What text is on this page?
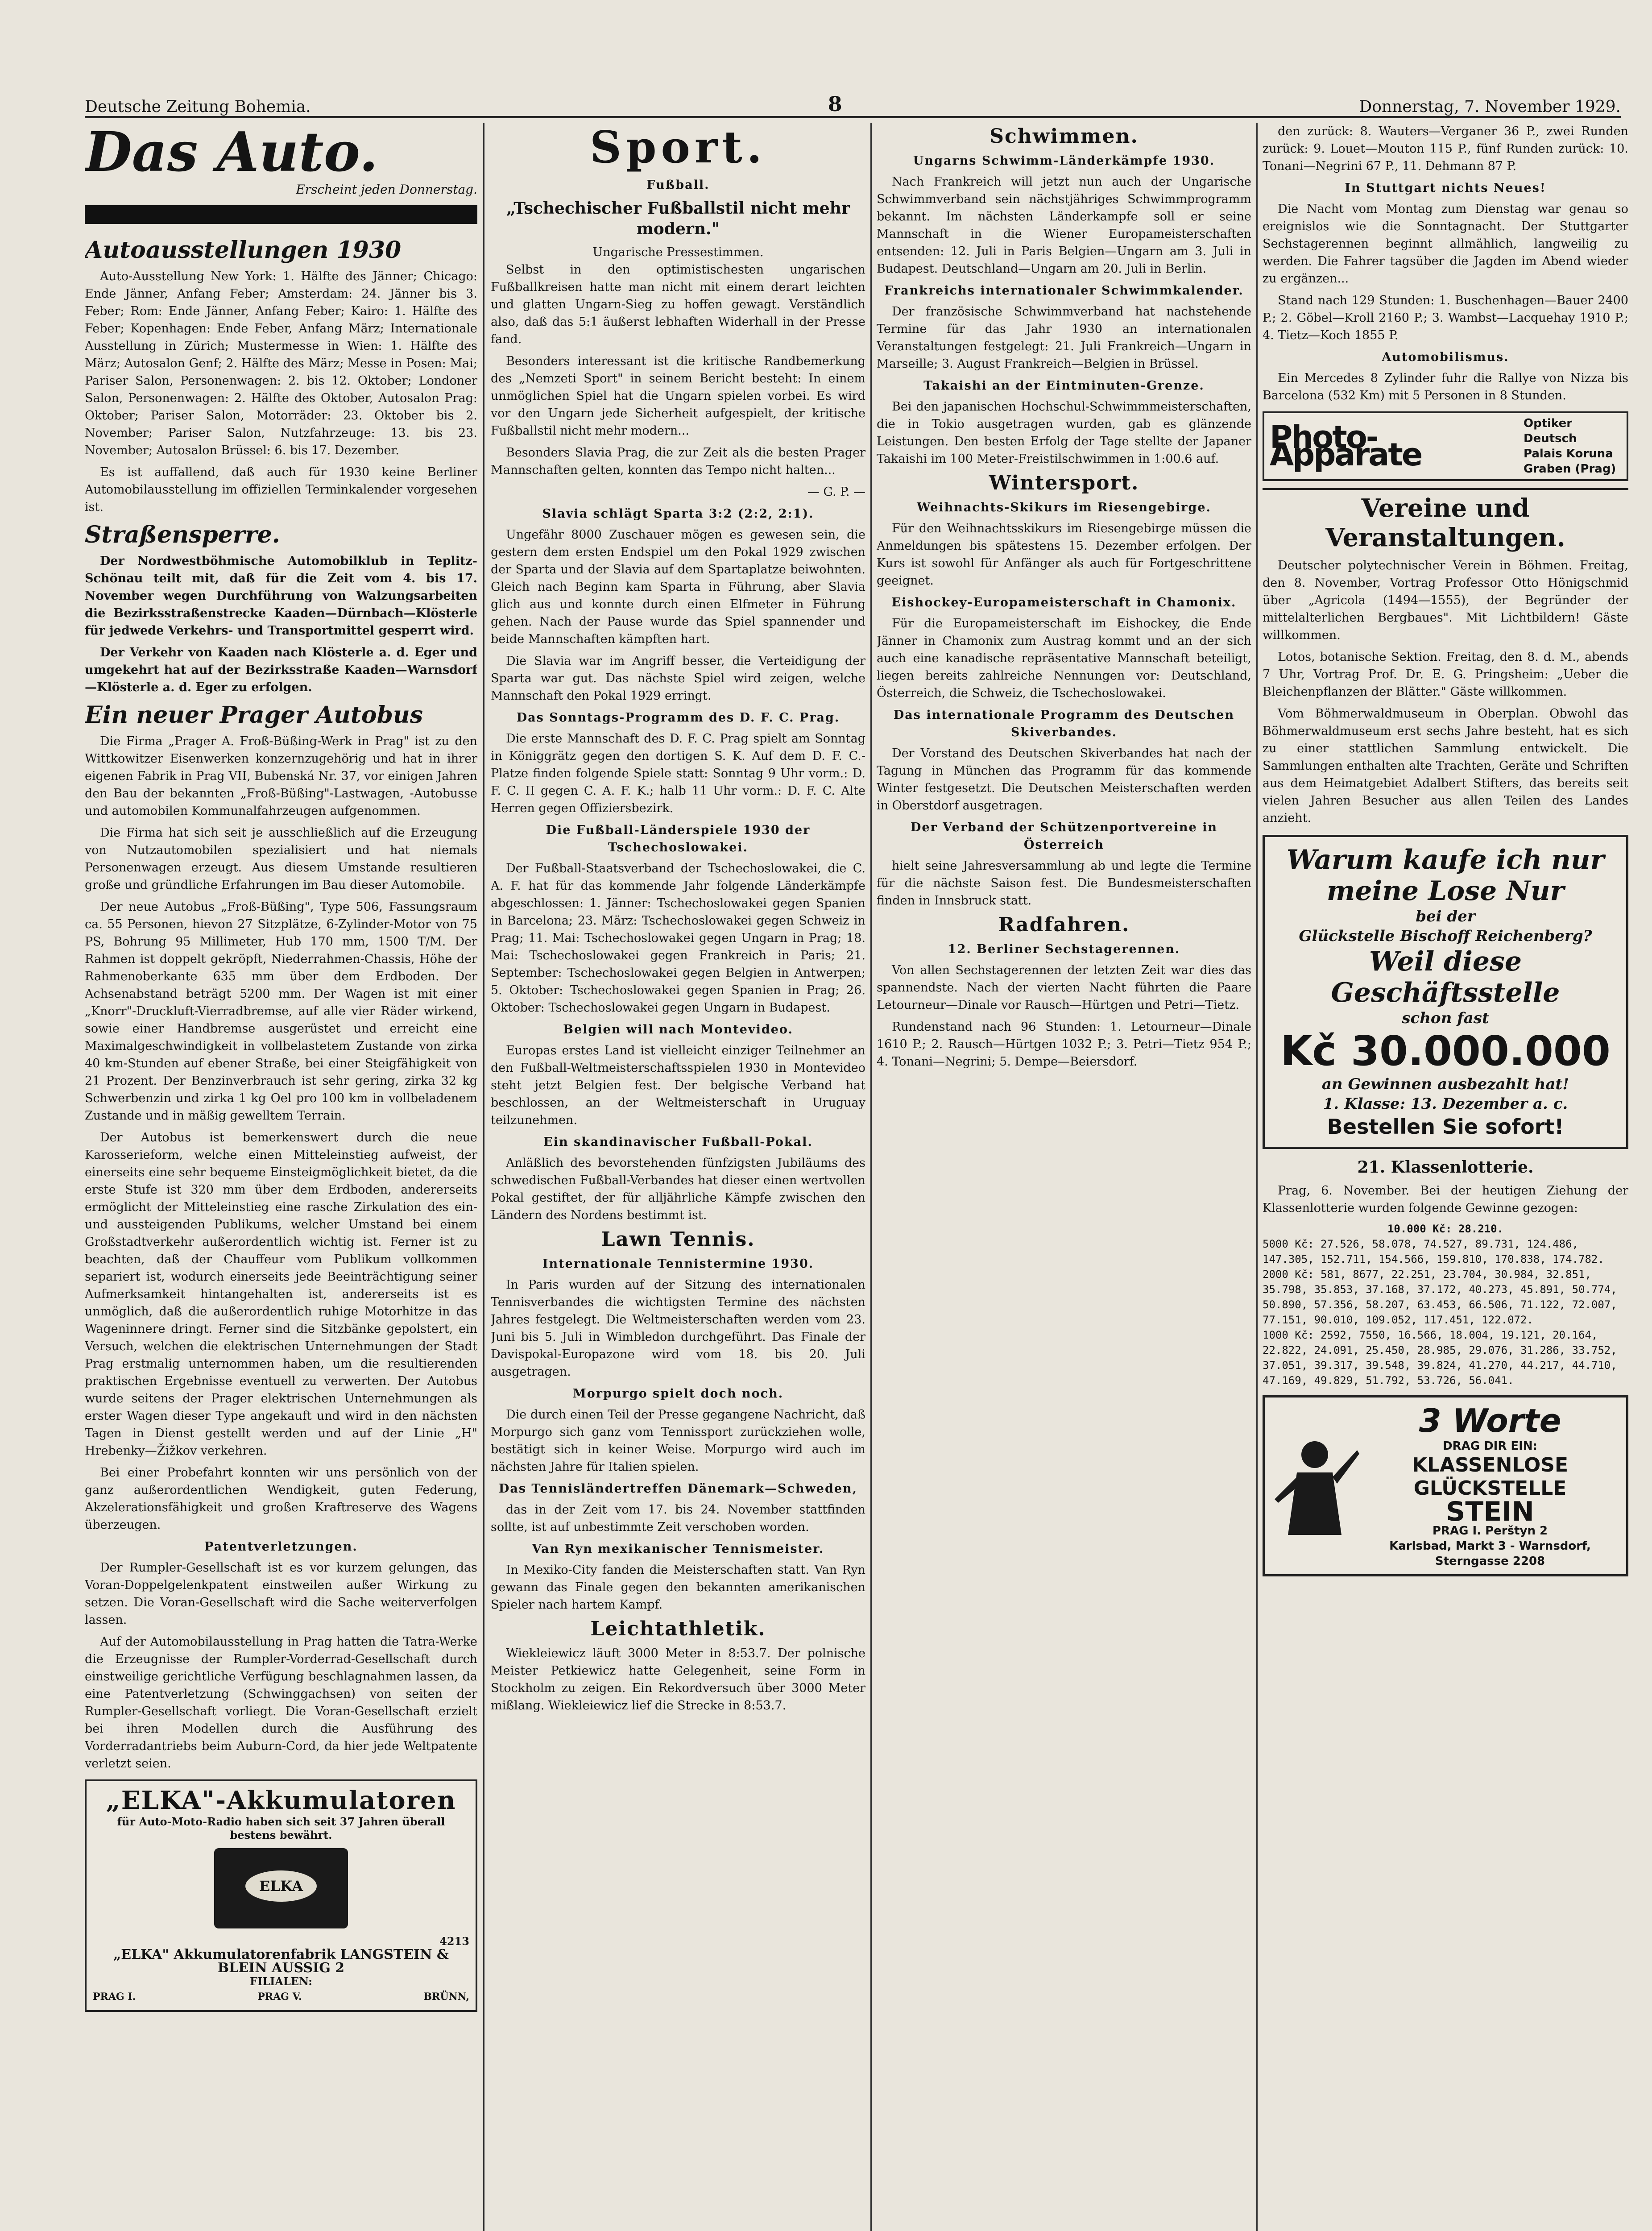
Deutsche Zeitung Bohemia.	8	Donnerstag, 7. November 1929.
Das Auto.
Erscheint jeden Donnerstag.
Autoausstellungen 1930

Auto-Ausstellung New York: 1. Hälfte des Jänner; Chicago: Ende Jänner, Anfang Feber; Amsterdam: 24. Jänner bis 3. Feber; Rom: Ende Jänner, Anfang Feber; Kairo: 1. Hälfte des Feber; Kopenhagen: Ende Feber, Anfang März; Internationale Ausstellung in Zürich; Mustermesse in Wien: 1. Hälfte des März; Autosalon Genf; 2. Hälfte des März; Messe in Posen: Mai; Pariser Salon, Personenwagen: 2. bis 12. Oktober; Londoner Salon, Personenwagen: 2. Hälfte des Oktober, Autosalon Prag: Oktober; Pariser Salon, Motorräder: 23. Oktober bis 2. November; Pariser Salon, Nutzfahrzeuge: 13. bis 23. November; Autosalon Brüssel: 6. bis 17. Dezember.

Es ist auffallend, daß auch für 1930 keine Berliner Automobilausstellung im offiziellen Terminkalender vorgesehen ist.

Straßensperre.

Der Nordwestböhmische Automobilklub in Teplitz-Schönau teilt mit, daß für die Zeit vom 4. bis 17. November wegen Durchführung von Walzungsarbeiten die Bezirksstraßenstrecke Kaaden—Dürnbach—Klösterle für jedwede Verkehrs- und Transportmittel gesperrt wird.

Der Verkehr von Kaaden nach Klösterle a. d. Eger und umgekehrt hat auf der Bezirksstraße Kaaden—Warnsdorf—Klösterle a. d. Eger zu erfolgen.

Ein neuer Prager Autobus

Die Firma „Prager A. Froß-Büßing-Werk in Prag" ist zu den Wittkowitzer Eisenwerken konzernzugehörig und hat in ihrer eigenen Fabrik in Prag VII, Bubenská Nr. 37, vor einigen Jahren den Bau der bekannten „Froß-Büßing"-Lastwagen, -Autobusse und automobilen Kommunalfahrzeugen aufgenommen.

Die Firma hat sich seit je ausschließlich auf die Erzeugung von Nutzautomobilen spezialisiert und hat niemals Personenwagen erzeugt. Aus diesem Umstande resultieren große und gründliche Erfahrungen im Bau dieser Automobile.

Der neue Autobus „Froß-Büßing", Type 506, Fassungsraum ca. 55 Personen, hievon 27 Sitzplätze, 6-Zylinder-Motor von 75 PS, Bohrung 95 Millimeter, Hub 170 mm, 1500 T/M. Der Rahmen ist doppelt gekröpft, Niederrahmen-Chassis, Höhe der Rahmenoberkante 635 mm über dem Erdboden. Der Achsenabstand beträgt 5200 mm. Der Wagen ist mit einer „Knorr"-Druckluft-Vierradbremse, auf alle vier Räder wirkend, sowie einer Handbremse ausgerüstet und erreicht eine Maximalgeschwindigkeit in vollbelastetem Zustande von zirka 40 km-Stunden auf ebener Straße, bei einer Steigfähigkeit von 21 Prozent. Der Benzinverbrauch ist sehr gering, zirka 32 kg Schwerbenzin und zirka 1 kg Oel pro 100 km in vollbeladenem Zustande und in mäßig gewelltem Terrain.

Der Autobus ist bemerkenswert durch die neue Karosserieform, welche einen Mitteleinstieg aufweist, der einerseits eine sehr bequeme Einsteigmöglichkeit bietet, da die erste Stufe ist 320 mm über dem Erdboden, andererseits ermöglicht der Mitteleinstieg eine rasche Zirkulation des ein- und aussteigenden Publikums, welcher Umstand bei einem Großstadtverkehr außerordentlich wichtig ist. Ferner ist zu beachten, daß der Chauffeur vom Publikum vollkommen separiert ist, wodurch einerseits jede Beeinträchtigung seiner Aufmerksamkeit hintangehalten ist, andererseits ist es unmöglich, daß die außerordentlich ruhige Motorhitze in das Wageninnere dringt. Ferner sind die Sitzbänke gepolstert, ein Versuch, welchen die elektrischen Unternehmungen der Stadt Prag erstmalig unternommen haben, um die resultierenden praktischen Ergebnisse eventuell zu verwerten. Der Autobus wurde seitens der Prager elektrischen Unternehmungen als erster Wagen dieser Type angekauft und wird in den nächsten Tagen in Dienst gestellt werden und auf der Linie „H" Hrebenky—Žižkov verkehren.

Bei einer Probefahrt konnten wir uns persönlich von der ganz außerordentlichen Wendigkeit, guten Federung, Akzelerationsfähigkeit und großen Kraftreserve des Wagens überzeugen.

Patentverletzungen.

Der Rumpler-Gesellschaft ist es vor kurzem gelungen, das Voran-Doppelgelenkpatent einstweilen außer Wirkung zu setzen. Die Voran-Gesellschaft wird die Sache weiterverfolgen lassen.

Auf der Automobilausstellung in Prag hatten die Tatra-Werke die Erzeugnisse der Rumpler-Vorderrad-Gesellschaft durch einstweilige gerichtliche Verfügung beschlagnahmen lassen, da eine Patentverletzung (Schwinggachsen) von seiten der Rumpler-Gesellschaft vorliegt. Die Voran-Gesellschaft erzielt bei ihren Modellen durch die Ausführung des Vorderradantriebs beim Auburn-Cord, da hier jede Weltpatente verletzt seien.

„ELKA"-Akkumulatoren
für Auto-Moto-Radio haben sich seit 37 Jahren überall bestens bewährt.
ELKA
4213
„ELKA" Akkumulatorenfabrik LANGSTEIN & BLEIN AUSSIG 2
FILIALEN:
PRAG I.	PRAG V.	BRÜNN,
Sport.
Fußball.
„Tschechischer Fußballstil nicht mehr modern."
Ungarische Pressestimmen.

Selbst in den optimistischesten ungarischen Fußballkreisen hatte man nicht mit einem derart leichten und glatten Ungarn-Sieg zu hoffen gewagt. Verständlich also, daß das 5:1 äußerst lebhaften Widerhall in der Presse fand.

Besonders interessant ist die kritische Randbemerkung des „Nemzeti Sport" in seinem Bericht besteht: In einem unmöglichen Spiel hat die Ungarn spielen vorbei. Es wird vor den Ungarn jede Sicherheit aufgespielt, der kritische Fußballstil nicht mehr modern...

Besonders Slavia Prag, die zur Zeit als die besten Prager Mannschaften gelten, konnten das Tempo nicht halten...

— G. P. —
Slavia schlägt Sparta 3:2 (2:2, 2:1).

Ungefähr 8000 Zuschauer mögen es gewesen sein, die gestern dem ersten Endspiel um den Pokal 1929 zwischen der Sparta und der Slavia auf dem Spartaplatze beiwohnten. Gleich nach Beginn kam Sparta in Führung, aber Slavia glich aus und konnte durch einen Elfmeter in Führung gehen. Nach der Pause wurde das Spiel spannender und beide Mannschaften kämpften hart.

Die Slavia war im Angriff besser, die Verteidigung der Sparta war gut. Das nächste Spiel wird zeigen, welche Mannschaft den Pokal 1929 erringt.

Das Sonntags-Programm des D. F. C. Prag.

Die erste Mannschaft des D. F. C. Prag spielt am Sonntag in Königgrätz gegen den dortigen S. K. Auf dem D. F. C.-Platze finden folgende Spiele statt: Sonntag 9 Uhr vorm.: D. F. C. II gegen C. A. F. K.; halb 11 Uhr vorm.: D. F. C. Alte Herren gegen Offiziersbezirk.

Die Fußball-Länderspiele 1930 der Tschechoslowakei.

Der Fußball-Staatsverband der Tschechoslowakei, die C. A. F. hat für das kommende Jahr folgende Länderkämpfe abgeschlossen: 1. Jänner: Tschechoslowakei gegen Spanien in Barcelona; 23. März: Tschechoslowakei gegen Schweiz in Prag; 11. Mai: Tschechoslowakei gegen Ungarn in Prag; 18. Mai: Tschechoslowakei gegen Frankreich in Paris; 21. September: Tschechoslowakei gegen Belgien in Antwerpen; 5. Oktober: Tschechoslowakei gegen Spanien in Prag; 26. Oktober: Tschechoslowakei gegen Ungarn in Budapest.

Belgien will nach Montevideo.

Europas erstes Land ist vielleicht einziger Teilnehmer an den Fußball-Weltmeisterschaftsspielen 1930 in Montevideo steht jetzt Belgien fest. Der belgische Verband hat beschlossen, an der Weltmeisterschaft in Uruguay teilzunehmen.

Ein skandinavischer Fußball-Pokal.

Anläßlich des bevorstehenden fünfzigsten Jubiläums des schwedischen Fußball-Verbandes hat dieser einen wertvollen Pokal gestiftet, der für alljährliche Kämpfe zwischen den Ländern des Nordens bestimmt ist.

Lawn Tennis.
Internationale Tennistermine 1930.

In Paris wurden auf der Sitzung des internationalen Tennisverbandes die wichtigsten Termine des nächsten Jahres festgelegt. Die Weltmeisterschaften werden vom 23. Juni bis 5. Juli in Wimbledon durchgeführt. Das Finale der Davispokal-Europazone wird vom 18. bis 20. Juli ausgetragen.

Morpurgo spielt doch noch.

Die durch einen Teil der Presse gegangene Nachricht, daß Morpurgo sich ganz vom Tennissport zurückziehen wolle, bestätigt sich in keiner Weise. Morpurgo wird auch im nächsten Jahre für Italien spielen.

Das Tennisländertreffen Dänemark—Schweden,

das in der Zeit vom 17. bis 24. November stattfinden sollte, ist auf unbestimmte Zeit verschoben worden.

Van Ryn mexikanischer Tennismeister.

In Mexiko-City fanden die Meisterschaften statt. Van Ryn gewann das Finale gegen den bekannten amerikanischen Spieler nach hartem Kampf.

Leichtathletik.

Wiekleiewicz läuft 3000 Meter in 8:53.7. Der polnische Meister Petkiewicz hatte Gelegenheit, seine Form in Stockholm zu zeigen. Ein Rekordversuch über 3000 Meter mißlang. Wiekleiewicz lief die Strecke in 8:53.7.

Schwimmen.
Ungarns Schwimm-Länderkämpfe 1930.

Nach Frankreich will jetzt nun auch der Ungarische Schwimmverband sein nächstjähriges Schwimmprogramm bekannt. Im nächsten Länderkampfe soll er seine Mannschaft in die Wiener Europameisterschaften entsenden: 12. Juli in Paris Belgien—Ungarn am 3. Juli in Budapest. Deutschland—Ungarn am 20. Juli in Berlin.

Frankreichs internationaler Schwimmkalender.

Der französische Schwimmverband hat nachstehende Termine für das Jahr 1930 an internationalen Veranstaltungen festgelegt: 21. Juli Frankreich—Ungarn in Marseille; 3. August Frankreich—Belgien in Brüssel.

Takaishi an der Eintminuten-Grenze.

Bei den japanischen Hochschul-Schwimmmeisterschaften, die in Tokio ausgetragen wurden, gab es glänzende Leistungen. Den besten Erfolg der Tage stellte der Japaner Takaishi im 100 Meter-Freistilschwimmen in 1:00.6 auf.

Wintersport.
Weihnachts-Skikurs im Riesengebirge.

Für den Weihnachtsskikurs im Riesengebirge müssen die Anmeldungen bis spätestens 15. Dezember erfolgen. Der Kurs ist sowohl für Anfänger als auch für Fortgeschrittene geeignet.

Eishockey-Europameisterschaft in Chamonix.

Für die Europameisterschaft im Eishockey, die Ende Jänner in Chamonix zum Austrag kommt und an der sich auch eine kanadische repräsentative Mannschaft beteiligt, liegen bereits zahlreiche Nennungen vor: Deutschland, Österreich, die Schweiz, die Tschechoslowakei.

Das internationale Programm des Deutschen Skiverbandes.

Der Vorstand des Deutschen Skiverbandes hat nach der Tagung in München das Programm für das kommende Winter festgesetzt. Die Deutschen Meisterschaften werden in Oberstdorf ausgetragen.

Der Verband der Schützenportvereine in Österreich

hielt seine Jahresversammlung ab und legte die Termine für die nächste Saison fest. Die Bundesmeisterschaften finden in Innsbruck statt.

Radfahren.
12. Berliner Sechstagerennen.

Von allen Sechstagerennen der letzten Zeit war dies das spannendste. Nach der vierten Nacht führten die Paare Letourneur—Dinale vor Rausch—Hürtgen und Petri—Tietz.

Rundenstand nach 96 Stunden: 1. Letourneur—Dinale 1610 P.; 2. Rausch—Hürtgen 1032 P.; 3. Petri—Tietz 954 P.; 4. Tonani—Negrini; 5. Dempe—Beiersdorf.

den zurück: 8. Wauters—Verganer 36 P., zwei Runden zurück: 9. Louet—Mouton 115 P., fünf Runden zurück: 10. Tonani—Negrini 67 P., 11. Dehmann 87 P.

In Stuttgart nichts Neues!

Die Nacht vom Montag zum Dienstag war genau so ereignislos wie die Sonntagnacht. Der Stuttgarter Sechstagerennen beginnt allmählich, langweilig zu werden. Die Fahrer tagsüber die Jagden im Abend wieder zu ergänzen...

Stand nach 129 Stunden: 1. Buschenhagen—Bauer 2400 P.; 2. Göbel—Kroll 2160 P.; 3. Wambst—Lacquehay 1910 P.; 4. Tietz—Koch 1855 P.

Automobilismus.

Ein Mercedes 8 Zylinder fuhr die Rallye von Nizza bis Barcelona (532 Km) mit 5 Personen in 8 Stunden.

Photo-Apparate
Optiker Deutsch
Palais Koruna
Graben (Prag)
Vereine und Veranstaltungen.

Deutscher polytechnischer Verein in Böhmen. Freitag, den 8. November, Vortrag Professor Otto Hönigschmid über „Agricola (1494—1555), der Begründer der mittelalterlichen Bergbaues". Mit Lichtbildern! Gäste willkommen.

Lotos, botanische Sektion. Freitag, den 8. d. M., abends 7 Uhr, Vortrag Prof. Dr. E. G. Pringsheim: „Ueber die Bleichenpflanzen der Blätter." Gäste willkommen.

Vom Böhmerwaldmuseum in Oberplan. Obwohl das Böhmerwaldmuseum erst sechs Jahre besteht, hat es sich zu einer stattlichen Sammlung entwickelt. Die Sammlungen enthalten alte Trachten, Geräte und Schriften aus dem Heimatgebiet Adalbert Stifters, das bereits seit vielen Jahren Besucher aus allen Teilen des Landes anzieht.

Warum kaufe ich nur meine Lose Nur
bei der
Glückstelle Bischoff Reichenberg?
Weil diese Geschäftsstelle
schon fast
Kč 30.000.000
an Gewinnen ausbezahlt hat!
1. Klasse: 13. Dezember a. c.
Bestellen Sie sofort!
21. Klassenlotterie.

Prag, 6. November. Bei der heutigen Ziehung der Klassenlotterie wurden folgende Gewinne gezogen:

10.000 Kč: 28.210.
5000 Kč: 27.526, 58.078, 74.527, 89.731, 124.486, 147.305, 152.711, 154.566, 159.810, 170.838, 174.782.
2000 Kč: 581, 8677, 22.251, 23.704, 30.984, 32.851, 35.798, 35.853, 37.168, 37.172, 40.273, 45.891, 50.774, 50.890, 57.356, 58.207, 63.453, 66.506, 71.122, 72.007, 77.151, 90.010, 109.052, 117.451, 122.072.
1000 Kč: 2592, 7550, 16.566, 18.004, 19.121, 20.164, 22.822, 24.091, 25.450, 28.985, 29.076, 31.286, 33.752, 37.051, 39.317, 39.548, 39.824, 41.270, 44.217, 44.710, 47.169, 49.829, 51.792, 53.726, 56.041.
3 Worte
DRAG DIR EIN:
KLASSENLOSE
GLÜCKSTELLE
STEIN
PRAG I. Perštyn 2
Karlsbad, Markt 3 - Warnsdorf, Sterngasse 2208
